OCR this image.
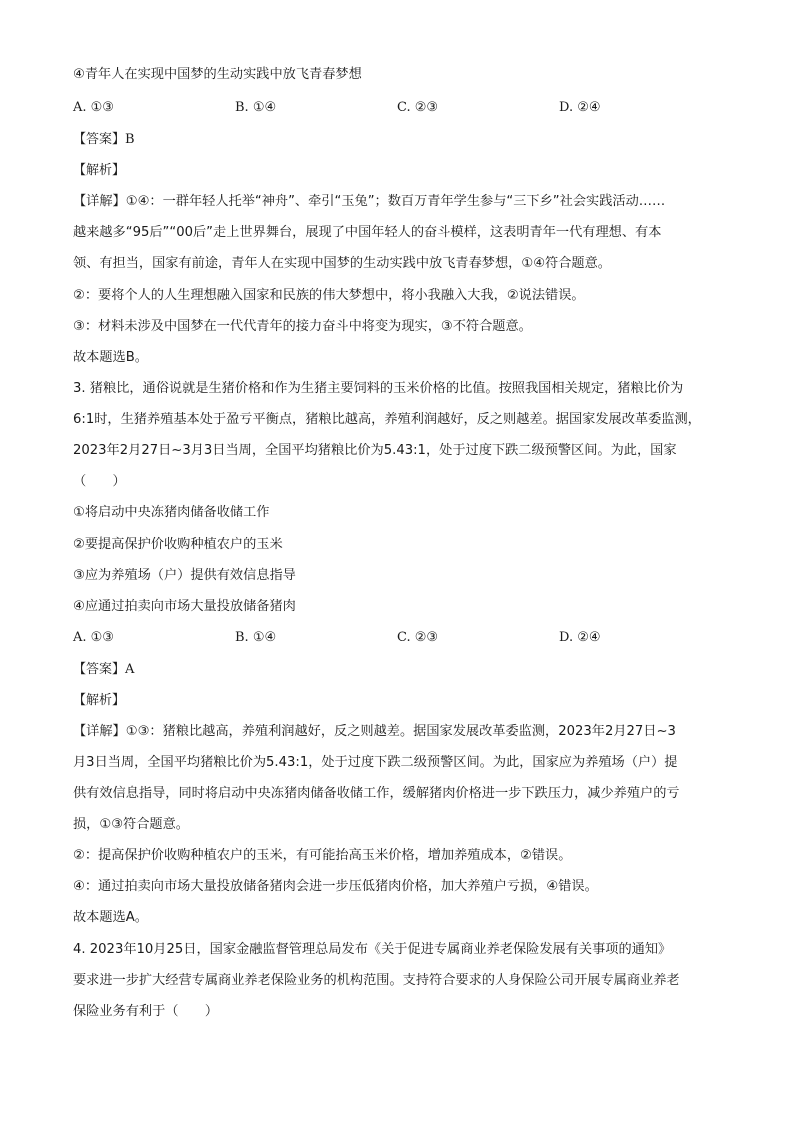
④青年人在实现中国梦的生动实践中放飞青春梦想
A. ①③	B. ①④	C. ②③	D. ②④
【答案】B
【解析】
【详解】①④：一群年轻人托举“神舟”、牵引“玉兔”；数百万青年学生参与“三下乡”社会实践活动……
越来越多“95后”“00后”走上世界舞台，展现了中国年轻人的奋斗模样，这表明青年一代有理想、有本
领、有担当，国家有前途，青年人在实现中国梦的生动实践中放飞青春梦想，①④符合题意。
②：要将个人的人生理想融入国家和民族的伟大梦想中，将小我融入大我，②说法错误。
③：材料未涉及中国梦在一代代青年的接力奋斗中将变为现实，③不符合题意。
故本题选B。
3. 猪粮比，通俗说就是生猪价格和作为生猪主要饲料的玉米价格的比值。按照我国相关规定，猪粮比价为
6:1时，生猪养殖基本处于盈亏平衡点，猪粮比越高，养殖利润越好，反之则越差。据国家发展改革委监测，
2023年2月27日~3月3日当周，全国平均猪粮比价为5.43:1，处于过度下跌二级预警区间。为此，国家
（　　）
①将启动中央冻猪肉储备收储工作
②要提高保护价收购种植农户的玉米
③应为养殖场（户）提供有效信息指导
④应通过拍卖向市场大量投放储备猪肉
A. ①③	B. ①④	C. ②③	D. ②④
【答案】A
【解析】
【详解】①③：猪粮比越高，养殖利润越好，反之则越差。据国家发展改革委监测，2023年2月27日~3
月3日当周，全国平均猪粮比价为5.43:1，处于过度下跌二级预警区间。为此，国家应为养殖场（户）提
供有效信息指导，同时将启动中央冻猪肉储备收储工作，缓解猪肉价格进一步下跌压力，减少养殖户的亏
损，①③符合题意。
②：提高保护价收购种植农户的玉米，有可能抬高玉米价格，增加养殖成本，②错误。
④：通过拍卖向市场大量投放储备猪肉会进一步压低猪肉价格，加大养殖户亏损，④错误。
故本题选A。
4. 2023年10月25日，国家金融监督管理总局发布《关于促进专属商业养老保险发展有关事项的通知》
要求进一步扩大经营专属商业养老保险业务的机构范围。支持符合要求的人身保险公司开展专属商业养老
保险业务有利于（　　）
